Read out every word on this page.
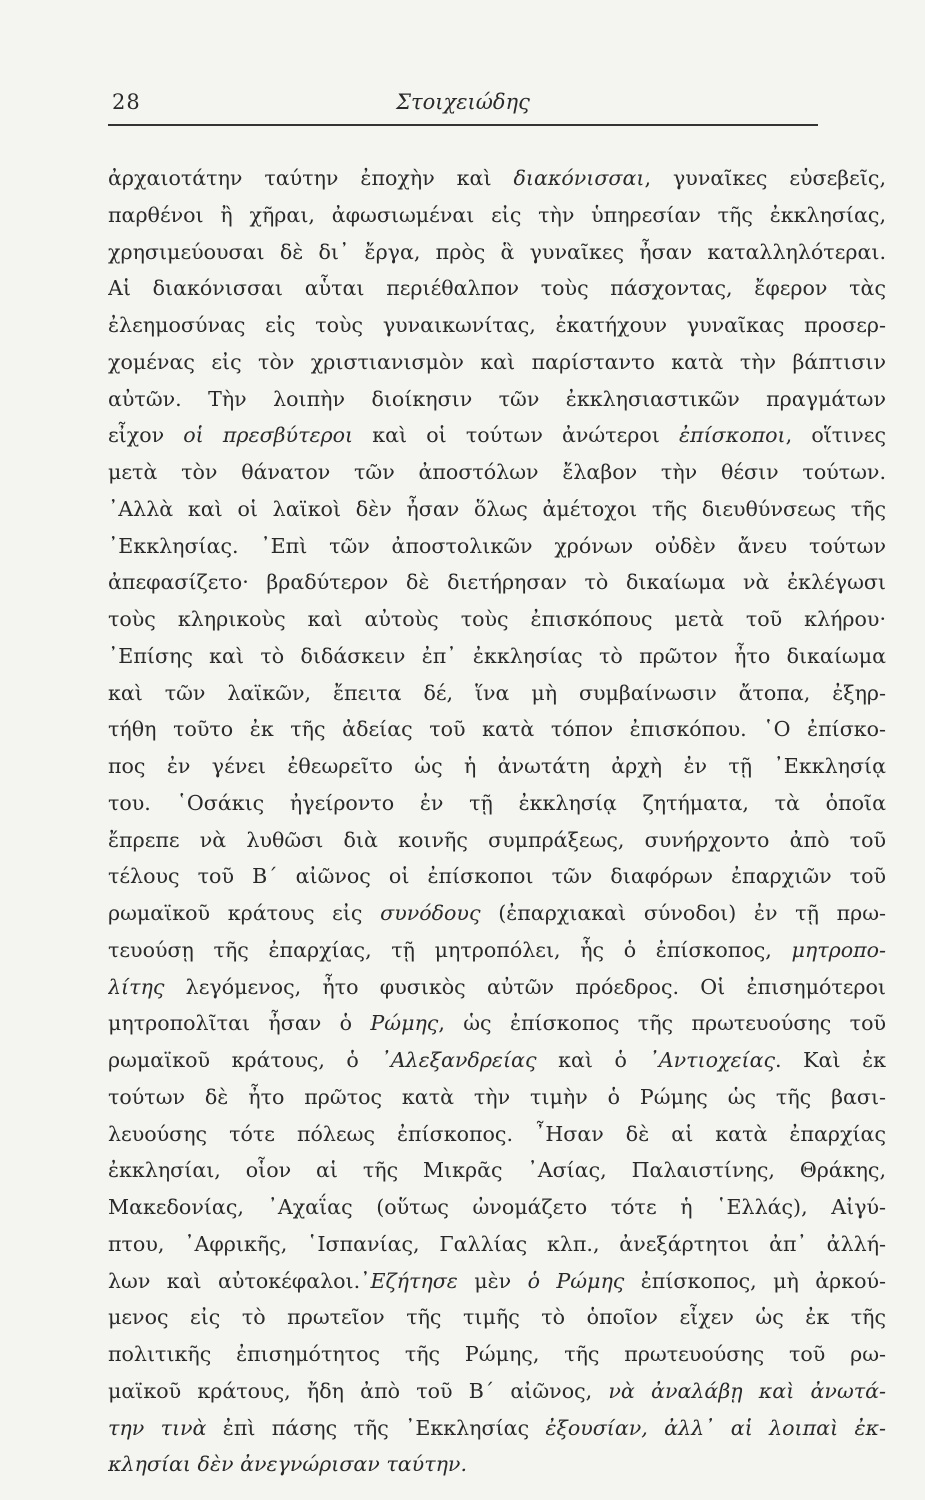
28	Στοιχειώδης
ἀρχαιοτάτην ταύτην ἐποχὴν καὶ διακόνισσαι, γυναῖκες εὐσεβεῖς,
παρθένοι ἢ χῆραι, ἀφωσιωμέναι εἰς τὴν ὑπηρεσίαν τῆς ἐκκλησίας,
χρησιμεύουσαι δὲ δι᾽ ἔργα, πρὸς ἃ γυναῖκες ἦσαν καταλληλότεραι.
Αἱ διακόνισσαι αὗται περιέθαλπον τοὺς πάσχοντας, ἔφερον τὰς
ἐλεημοσύνας εἰς τοὺς γυναικωνίτας, ἐκατήχουν γυναῖκας προσερ-
χομένας εἰς τὸν χριστιανισμὸν καὶ παρίσταντο κατὰ τὴν βάπτισιν
αὐτῶν. Τὴν λοιπὴν διοίκησιν τῶν ἐκκλησιαστικῶν πραγμάτων
εἶχον οἱ πρεσβύτεροι καὶ οἱ τούτων ἀνώτεροι ἐπίσκοποι, οἵτινες
μετὰ τὸν θάνατον τῶν ἀποστόλων ἔλαβον τὴν θέσιν τούτων.
᾽Αλλὰ καὶ οἱ λαϊκοὶ δὲν ἦσαν ὅλως ἀμέτοχοι τῆς διευθύνσεως τῆς
᾽Εκκλησίας. ᾽Επὶ τῶν ἀποστολικῶν χρόνων οὐδὲν ἄνευ τούτων
ἀπεφασίζετο· βραδύτερον δὲ διετήρησαν τὸ δικαίωμα νὰ ἐκλέγωσι
τοὺς κληρικοὺς καὶ αὐτοὺς τοὺς ἐπισκόπους μετὰ τοῦ κλήρου·
᾽Επίσης καὶ τὸ διδάσκειν ἐπ᾽ ἐκκλησίας τὸ πρῶτον ἦτο δικαίωμα
καὶ τῶν λαϊκῶν, ἔπειτα δέ, ἵνα μὴ συμβαίνωσιν ἄτοπα, ἐξηρ-
τήθη τοῦτο ἐκ τῆς ἀδείας τοῦ κατὰ τόπον ἐπισκόπου. ῾Ο ἐπίσκο-
πος ἐν γένει ἐθεωρεῖτο ὡς ἡ ἀνωτάτη ἀρχὴ ἐν τῇ ᾽Εκκλησίᾳ
του. ῾Οσάκις ἠγείροντο ἐν τῇ ἐκκλησίᾳ ζητήματα, τὰ ὁποῖα
ἔπρεπε νὰ λυθῶσι διὰ κοινῆς συμπράξεως, συνήρχοντο ἀπὸ τοῦ
τέλους τοῦ Β΄ αἰῶνος οἱ ἐπίσκοποι τῶν διαφόρων ἐπαρχιῶν τοῦ
ρωμαϊκοῦ κράτους εἰς συνόδους (ἐπαρχιακαὶ σύνοδοι) ἐν τῇ πρω-
τευούσῃ τῆς ἐπαρχίας, τῇ μητροπόλει, ἧς ὁ ἐπίσκοπος, μητροπο-
λίτης λεγόμενος, ἦτο φυσικὸς αὐτῶν πρόεδρος. Οἱ ἐπισημότεροι
μητροπολῖται ἦσαν ὁ Ρώμης, ὡς ἐπίσκοπος τῆς πρωτευούσης τοῦ
ρωμαϊκοῦ κράτους, ὁ ᾽Αλεξανδρείας καὶ ὁ ᾽Αντιοχείας. Καὶ ἐκ
τούτων δὲ ἦτο πρῶτος κατὰ τὴν τιμὴν ὁ Ρώμης ὡς τῆς βασι-
λευούσης τότε πόλεως ἐπίσκοπος. ῏Ησαν δὲ αἱ κατὰ ἐπαρχίας
ἐκκλησίαι, οἷον αἱ τῆς Μικρᾶς ᾽Ασίας, Παλαιστίνης, Θράκης,
Μακεδονίας, ᾽Αχαΐας (οὕτως ὠνομάζετο τότε ἡ ῾Ελλάς), Αἰγύ-
πτου, ᾽Αφρικῆς, ῾Ισπανίας, Γαλλίας κλπ., ἀνεξάρτητοι ἀπ᾽ ἀλλή-
λων καὶ αὐτοκέφαλοι.᾽Εζήτησε μὲν ὁ Ρώμης ἐπίσκοπος, μὴ ἀρκού-
μενος εἰς τὸ πρωτεῖον τῆς τιμῆς τὸ ὁποῖον εἶχεν ὡς ἐκ τῆς
πολιτικῆς ἐπισημότητος τῆς Ρώμης, τῆς πρωτευούσης τοῦ ρω-
μαϊκοῦ κράτους, ἤδη ἀπὸ τοῦ Β΄ αἰῶνος, νὰ ἀναλάβῃ καὶ ἀνωτά-
την τινὰ ἐπὶ πάσης τῆς ᾽Εκκλησίας ἐξουσίαν, ἀλλ᾽ αἱ λοιπαὶ ἐκ-
κλησίαι δὲν ἀνεγνώρισαν ταύτην.
